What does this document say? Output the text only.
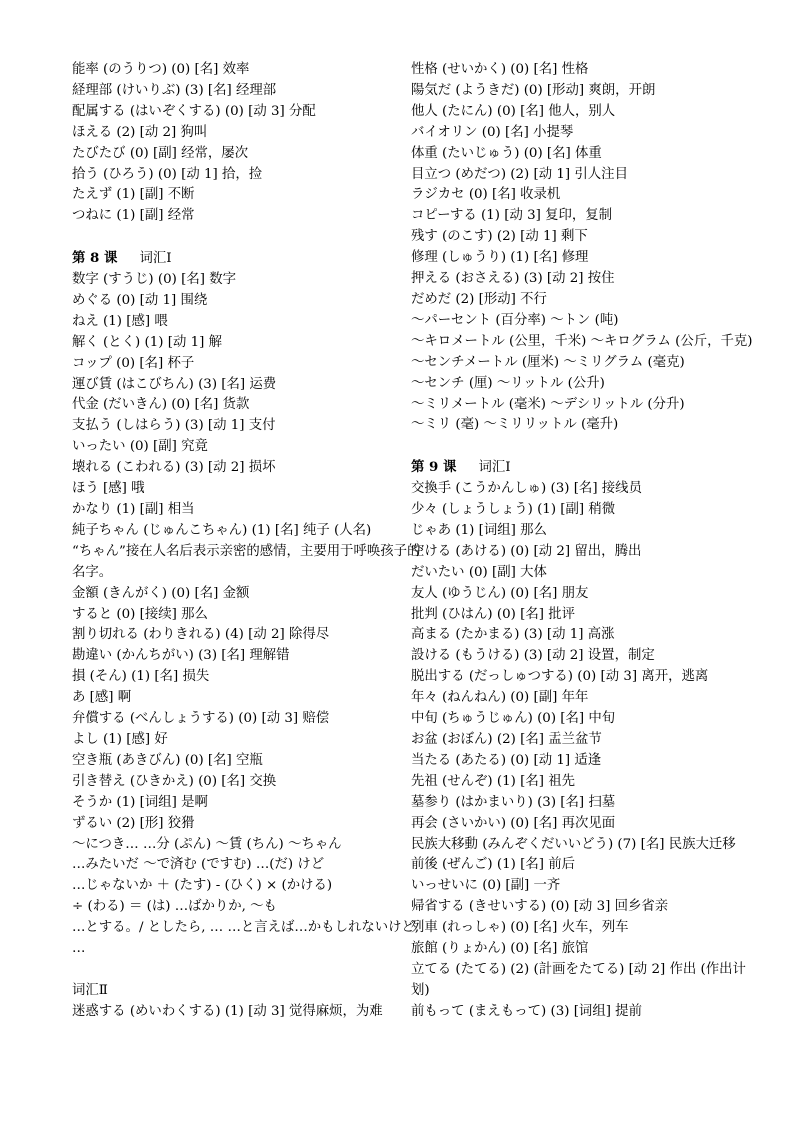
能率 (のうりつ) (0) [名] 效率
経理部 (けいりぶ) (3) [名] 经理部
配属する (はいぞくする) (0) [动 3] 分配
ほえる (2) [动 2] 狗叫
たびたび (0) [副] 经常，屡次
拾う (ひろう) (0) [动 1] 拾，捡
たえず (1) [副] 不断
つねに (1) [副] 经常
第 8 课 词汇Ⅰ
数字 (すうじ) (0) [名] 数字
めぐる (0) [动 1] 围绕
ねえ (1) [感] 喂
解く (とく) (1) [动 1] 解
コップ (0) [名] 杯子
運び賃 (はこびちん) (3) [名] 运费
代金 (だいきん) (0) [名] 货款
支払う (しはらう) (3) [动 1] 支付
いったい (0) [副] 究竟
壊れる (こわれる) (3) [动 2] 损坏
ほう [感] 哦
かなり (1) [副] 相当
純子ちゃん (じゅんこちゃん) (1) [名] 纯子 (人名)
“ちゃん”接在人名后表示亲密的感情，主要用于呼唤孩子的名字。
金額 (きんがく) (0) [名] 金额
すると (0) [接续] 那么
割り切れる (わりきれる) (4) [动 2] 除得尽
勘違い (かんちがい) (3) [名] 理解错
損 (そん) (1) [名] 损失
あ [感] 啊
弁償する (べんしょうする) (0) [动 3] 赔偿
よし (1) [感] 好
空き瓶 (あきびん) (0) [名] 空瓶
引き替え (ひきかえ) (0) [名] 交换
そうか (1) [词组] 是啊
ずるい (2) [形] 狡猾
～につき… …分 (ぷん) ～賃 (ちん) ～ちゃん
…みたいだ ～で済む (ですむ) …(だ) けど
…じゃないか ＋ (たす) - (ひく) × (かける)
÷ (わる) ＝ (は) …ばかりか, ～も
…とする。/ としたら, … …と言えば…かもしれないけど, …
词汇Ⅱ
迷惑する (めいわくする) (1) [动 3] 觉得麻烦，为难
性格 (せいかく) (0) [名] 性格
陽気だ (ようきだ) (0) [形动] 爽朗，开朗
他人 (たにん) (0) [名] 他人，别人
バイオリン (0) [名] 小提琴
体重 (たいじゅう) (0) [名] 体重
目立つ (めだつ) (2) [动 1] 引人注目
ラジカセ (0) [名] 收录机
コピーする (1) [动 3] 复印，复制
残す (のこす) (2) [动 1] 剩下
修理 (しゅうり) (1) [名] 修理
押える (おさえる) (3) [动 2] 按住
だめだ (2) [形动] 不行
～パーセント (百分率) ～トン (吨)
～キロメートル (公里，千米) ～キログラム (公斤，千克)
～センチメートル (厘米) ～ミリグラム (毫克)
～センチ (厘) ～リットル (公升)
～ミリメートル (毫米) ～デシリットル (分升)
～ミリ (毫) ～ミリリットル (毫升)
第 9 课 词汇Ⅰ
交換手 (こうかんしゅ) (3) [名] 接线员
少々 (しょうしょう) (1) [副] 稍微
じゃあ (1) [词组] 那么
空ける (あける) (0) [动 2] 留出，腾出
だいたい (0) [副] 大体
友人 (ゆうじん) (0) [名] 朋友
批判 (ひはん) (0) [名] 批评
高まる (たかまる) (3) [动 1] 高涨
設ける (もうける) (3) [动 2] 设置，制定
脱出する (だっしゅつする) (0) [动 3] 离开，逃离
年々 (ねんねん) (0) [副] 年年
中旬 (ちゅうじゅん) (0) [名] 中旬
お盆 (おぼん) (2) [名] 盂兰盆节
当たる (あたる) (0) [动 1] 适逢
先祖 (せんぞ) (1) [名] 祖先
墓参り (はかまいり) (3) [名] 扫墓
再会 (さいかい) (0) [名] 再次见面
民族大移動 (みんぞくだいいどう) (7) [名] 民族大迁移
前後 (ぜんご) (1) [名] 前后
いっせいに (0) [副] 一齐
帰省する (きせいする) (0) [动 3] 回乡省亲
列車 (れっしゃ) (0) [名] 火车，列车
旅館 (りょかん) (0) [名] 旅馆
立てる (たてる) (2) (計画をたてる) [动 2] 作出 (作出计划)
前もって (まえもって) (3) [词组] 提前
